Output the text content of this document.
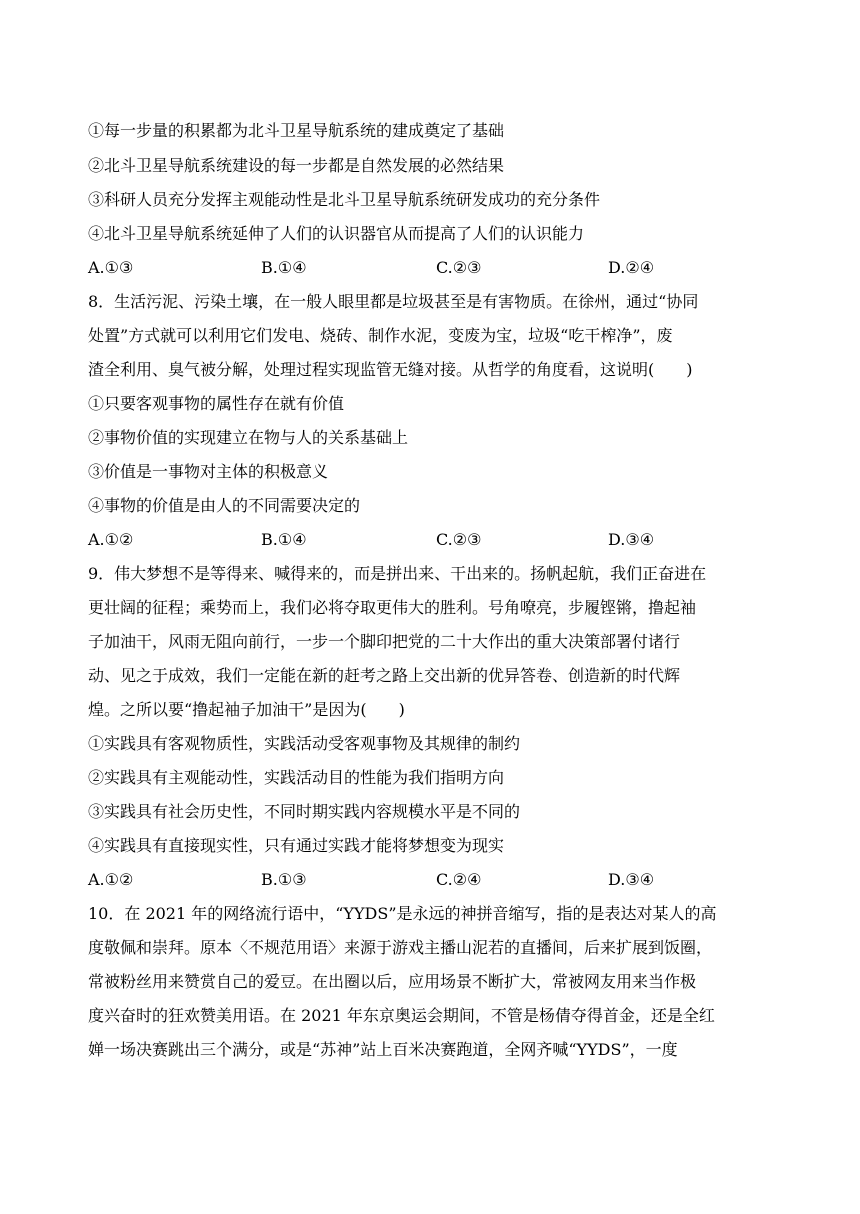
①每一步量的积累都为北斗卫星导航系统的建成奠定了基础
②北斗卫星导航系统建设的每一步都是自然发展的必然结果
③科研人员充分发挥主观能动性是北斗卫星导航系统研发成功的充分条件
④北斗卫星导航系统延伸了人们的认识器官从而提高了人们的认识能力
A.①③	B.①④	C.②③	D.②④
8．生活污泥、污染土壤，在一般人眼里都是垃圾甚至是有害物质。在徐州，通过“协同
处置”方式就可以利用它们发电、烧砖、制作水泥，变废为宝，垃圾“吃干榨净”，废
渣全利用、臭气被分解，处理过程实现监管无缝对接。从哲学的角度看，这说明(　　)
①只要客观事物的属性存在就有价值
②事物价值的实现建立在物与人的关系基础上
③价值是一事物对主体的积极意义
④事物的价值是由人的不同需要决定的
A.①②	B.①④	C.②③	D.③④
9．伟大梦想不是等得来、喊得来的，而是拼出来、干出来的。扬帆起航，我们正奋进在
更壮阔的征程；乘势而上，我们必将夺取更伟大的胜利。号角嘹亮，步履铿锵，撸起袖
子加油干，风雨无阻向前行，一步一个脚印把党的二十大作出的重大决策部署付诸行
动、见之于成效，我们一定能在新的赶考之路上交出新的优异答卷、创造新的时代辉
煌。之所以要“撸起袖子加油干”是因为(　　)
①实践具有客观物质性，实践活动受客观事物及其规律的制约
②实践具有主观能动性，实践活动目的性能为我们指明方向
③实践具有社会历史性，不同时期实践内容规模水平是不同的
④实践具有直接现实性，只有通过实践才能将梦想变为现实
A.①②	B.①③	C.②④	D.③④
10．在 2021 年的网络流行语中，“YYDS”是永远的神拼音缩写，指的是表达对某人的高
度敬佩和崇拜。原本〈不规范用语〉来源于游戏主播山泥若的直播间，后来扩展到饭圈，
常被粉丝用来赞赏自己的爱豆。在出圈以后，应用场景不断扩大，常被网友用来当作极
度兴奋时的狂欢赞美用语。在 2021 年东京奥运会期间，不管是杨倩夺得首金，还是全红
婵一场决赛跳出三个满分，或是“苏神”站上百米决赛跑道，全网齐喊“YYDS”，一度
